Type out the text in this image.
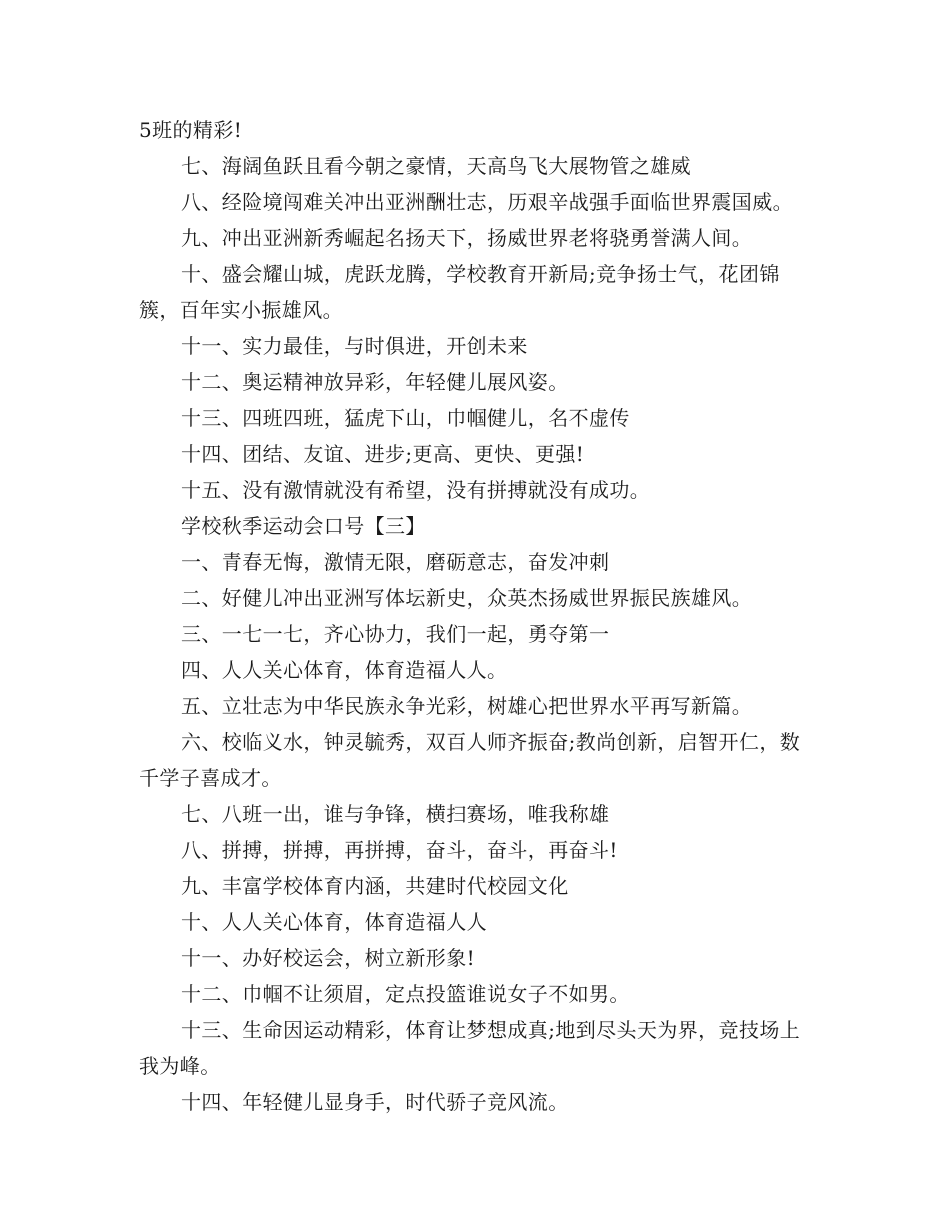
5班的精彩!

七、海阔鱼跃且看今朝之豪情，天高鸟飞大展物管之雄威

八、经险境闯难关冲出亚洲酬壮志，历艰辛战强手面临世界震国威。

九、冲出亚洲新秀崛起名扬天下，扬威世界老将骁勇誉满人间。

十、盛会耀山城，虎跃龙腾，学校教育开新局;竞争扬士气，花团锦簇，百年实小振雄风。

十一、实力最佳，与时俱进，开创未来

十二、奥运精神放异彩，年轻健儿展风姿。

十三、四班四班，猛虎下山，巾帼健儿，名不虚传

十四、团结、友谊、进步;更高、更快、更强!

十五、没有激情就没有希望，没有拼搏就没有成功。

学校秋季运动会口号【三】

一、青春无悔，激情无限，磨砺意志，奋发冲刺

二、好健儿冲出亚洲写体坛新史，众英杰扬威世界振民族雄风。

三、一七一七，齐心协力，我们一起，勇夺第一

四、人人关心体育，体育造福人人。

五、立壮志为中华民族永争光彩，树雄心把世界水平再写新篇。

六、校临义水，钟灵毓秀，双百人师齐振奋;教尚创新，启智开仁，数千学子喜成才。

七、八班一出，谁与争锋，横扫赛场，唯我称雄

八、拼搏，拼搏，再拼搏，奋斗，奋斗，再奋斗!

九、丰富学校体育内涵，共建时代校园文化

十、人人关心体育，体育造福人人

十一、办好校运会，树立新形象!

十二、巾帼不让须眉，定点投篮谁说女子不如男。

十三、生命因运动精彩，体育让梦想成真;地到尽头天为界，竞技场上我为峰。

十四、年轻健儿显身手，时代骄子竞风流。
